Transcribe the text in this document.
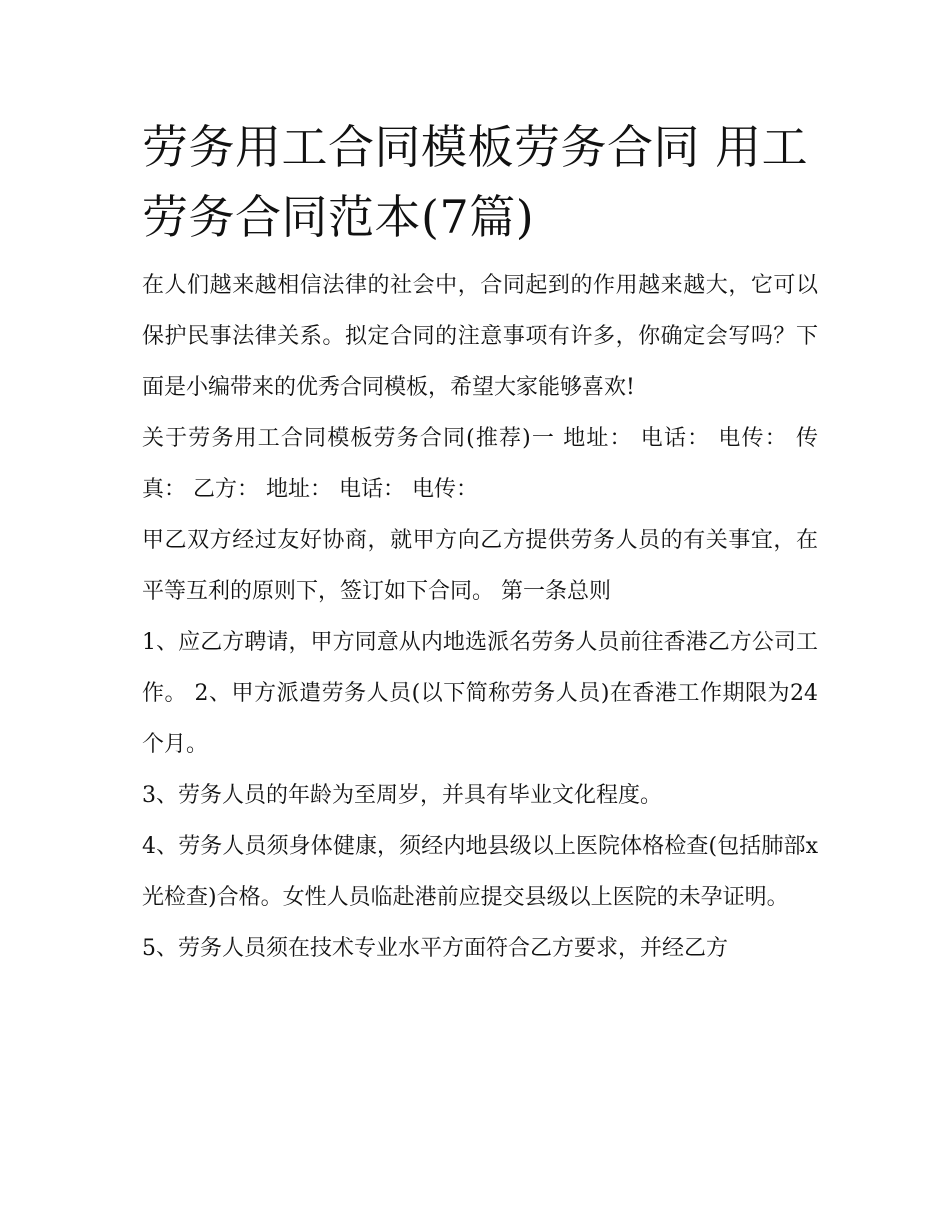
劳务用工合同模板劳务合同 用工劳务合同范本(7篇)

在人们越来越相信法律的社会中，合同起到的作用越来越大，它可以保护民事法律关系。拟定合同的注意事项有许多，你确定会写吗？下面是小编带来的优秀合同模板，希望大家能够喜欢!

关于劳务用工合同模板劳务合同(推荐)一 地址： 电话： 电传： 传真： 乙方： 地址： 电话： 电传：

甲乙双方经过友好协商，就甲方向乙方提供劳务人员的有关事宜，在平等互利的原则下，签订如下合同。 第一条总则

1、应乙方聘请，甲方同意从内地选派名劳务人员前往香港乙方公司工作。 2、甲方派遣劳务人员(以下简称劳务人员)在香港工作期限为24个月。

3、劳务人员的年龄为至周岁，并具有毕业文化程度。

4、劳务人员须身体健康，须经内地县级以上医院体格检查(包括肺部x光检查)合格。女性人员临赴港前应提交县级以上医院的未孕证明。

5、劳务人员须在技术专业水平方面符合乙方要求，并经乙方
